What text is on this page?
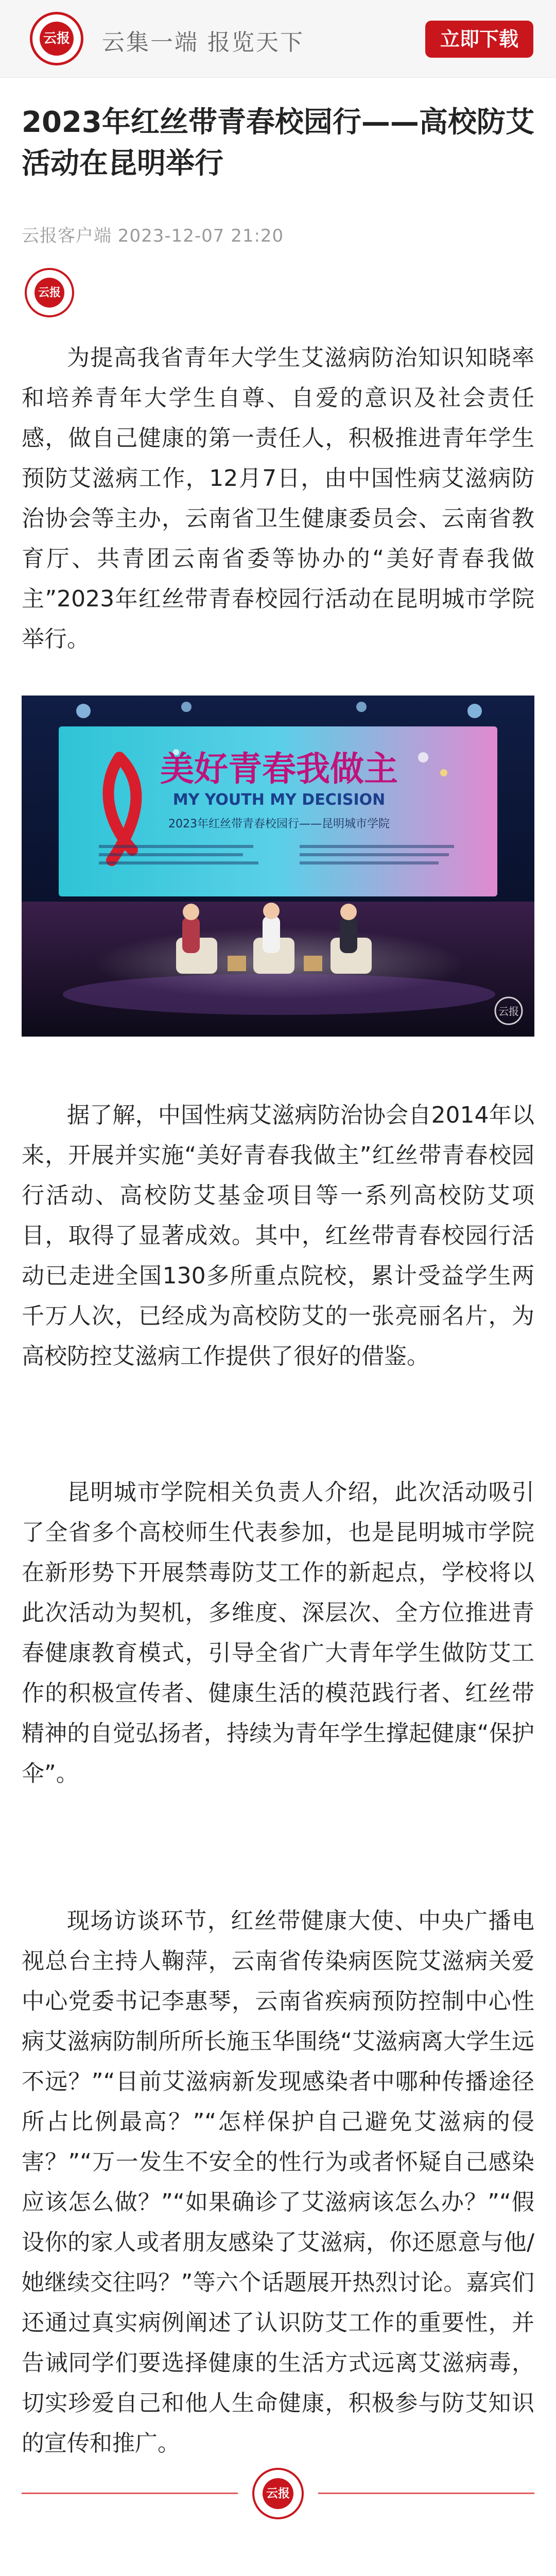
云报 云集一端 报览天下	立即下载
2023年红丝带青春校园行——高校防艾活动在昆明举行
云报客户端 2023-12-07 21:20
云报

为提高我省青年大学生艾滋病防治知识知晓率和培养青年大学生自尊、自爱的意识及社会责任感，做自己健康的第一责任人，积极推进青年学生预防艾滋病工作，12月7日，由中国性病艾滋病防治协会等主办，云南省卫生健康委员会、云南省教育厅、共青团云南省委等协办的“美好青春我做主”2023年红丝带青春校园行活动在昆明城市学院举行。

美好青春我做主
MY YOUTH MY DECISION
2023年红丝带青春校园行——昆明城市学院
云报

据了解，中国性病艾滋病防治协会自2014年以来，开展并实施“美好青春我做主”红丝带青春校园行活动、高校防艾基金项目等一系列高校防艾项目，取得了显著成效。其中，红丝带青春校园行活动已走进全国130多所重点院校，累计受益学生两千万人次，已经成为高校防艾的一张亮丽名片，为高校防控艾滋病工作提供了很好的借鉴。

昆明城市学院相关负责人介绍，此次活动吸引了全省多个高校师生代表参加，也是昆明城市学院在新形势下开展禁毒防艾工作的新起点，学校将以此次活动为契机，多维度、深层次、全方位推进青春健康教育模式，引导全省广大青年学生做防艾工作的积极宣传者、健康生活的模范践行者、红丝带精神的自觉弘扬者，持续为青年学生撑起健康“保护伞”。

现场访谈环节，红丝带健康大使、中央广播电视总台主持人鞠萍，云南省传染病医院艾滋病关爱中心党委书记李惠琴，云南省疾病预防控制中心性病艾滋病防制所所长施玉华围绕“艾滋病离大学生远不远？”“目前艾滋病新发现感染者中哪种传播途径所占比例最高？”“怎样保护自己避免艾滋病的侵害？”“万一发生不安全的性行为或者怀疑自己感染应该怎么做？”“如果确诊了艾滋病该怎么办？”“假设你的家人或者朋友感染了艾滋病，你还愿意与他/她继续交往吗？”等六个话题展开热烈讨论。嘉宾们还通过真实病例阐述了认识防艾工作的重要性，并告诫同学们要选择健康的生活方式远离艾滋病毒，切实珍爱自己和他人生命健康，积极参与防艾知识的宣传和推广。

云报
